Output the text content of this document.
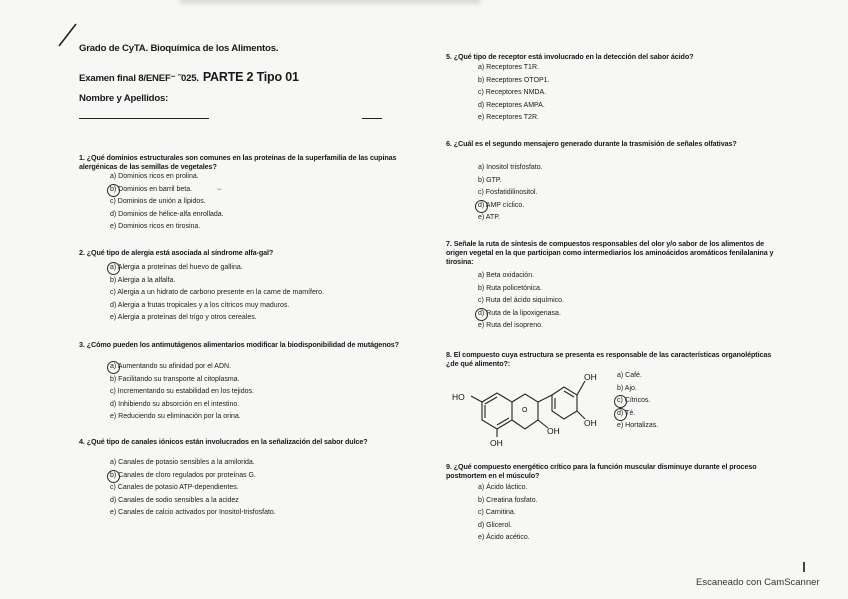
Grado de CyTA. Bioquímica de los Alimentos.
Examen final 8/ENEF⁻ ˜025. PARTE 2 Tipo 01
Nombre y Apellidos:
1. ¿Qué dominios estructurales son comunes en las proteínas de la superfamilia de las cupinas alergénicas de las semillas de vegetales?
a) Dominios ricos en prolina.
b) Dominios en barril beta.	⌣
c) Dominios de unión a lípidos.
d) Dominios de hélice-alfa enrollada.
e) Dominios ricos en tirosina.
2. ¿Qué tipo de alergia está asociada al síndrome alfa-gal?
a) Alergia a proteínas del huevo de gallina.
b) Alergia a la alfalfa.
c) Alergia a un hidrato de carbono presente en la carne de mamífero.
d) Alergia a frutas tropicales y a los cítricos muy maduros.
e) Alergia a proteínas del trigo y otros cereales.
3. ¿Cómo pueden los antimutágenos alimentarios modificar la biodisponibilidad de mutágenos?
a) Aumentando su afinidad por el ADN.
b) Facilitando su transporte al citoplasma.
c) Incrementando su estabilidad en los tejidos.
d) Inhibiendo su absorción en el intestino.
e) Reduciendo su eliminación por la orina.
4. ¿Qué tipo de canales iónicos están involucrados en la señalización del sabor dulce?
a) Canales de potasio sensibles a la amilorida.
b) Canales de cloro regulados por proteínas G.
c) Canales de potasio ATP-dependientes.
d) Canales de sodio sensibles a la acidez
e) Canales de calcio activados por Inositol-trisfosfato.
5. ¿Qué tipo de receptor está involucrado en la detección del sabor ácido?
a) Receptores T1R.
b) Receptores OTOP1.
c) Receptores NMDA.
d) Receptores AMPA.
e) Receptores T2R.
6. ¿Cuál es el segundo mensajero generado durante la trasmisión de señales olfativas?
a) Inositol trisfosfato.
b) GTP.
c) Fosfatidilinositol.
d) AMP cíclico.
e) ATP.
7. Señale la ruta de síntesis de compuestos responsables del olor y/o sabor de los alimentos de origen vegetal en la que participan como intermediarios los aminoácidos aromáticos fenilalanina y tirosina:
a) Beta oxidación.
b) Ruta policetónica.
c) Ruta del ácido siquímico.
d) Ruta de la lipoxigenasa.
e) Ruta del isopreno.
8. El compuesto cuya estructura se presenta es responsable de las características organolépticas ¿de qué alimento?:
a) Café.
b) Ajo.
c) Cítricos.
d) Té.
e) Hortalizas.
OH
OH
HO
OH
OH
O
9. ¿Qué compuesto energético crítico para la función muscular disminuye durante el proceso postmortem en el músculo?
a) Ácido láctico.
b) Creatina fosfato.
c) Carnitina.
d) Glicerol.
e) Ácido acético.
Escaneado con CamScanner
